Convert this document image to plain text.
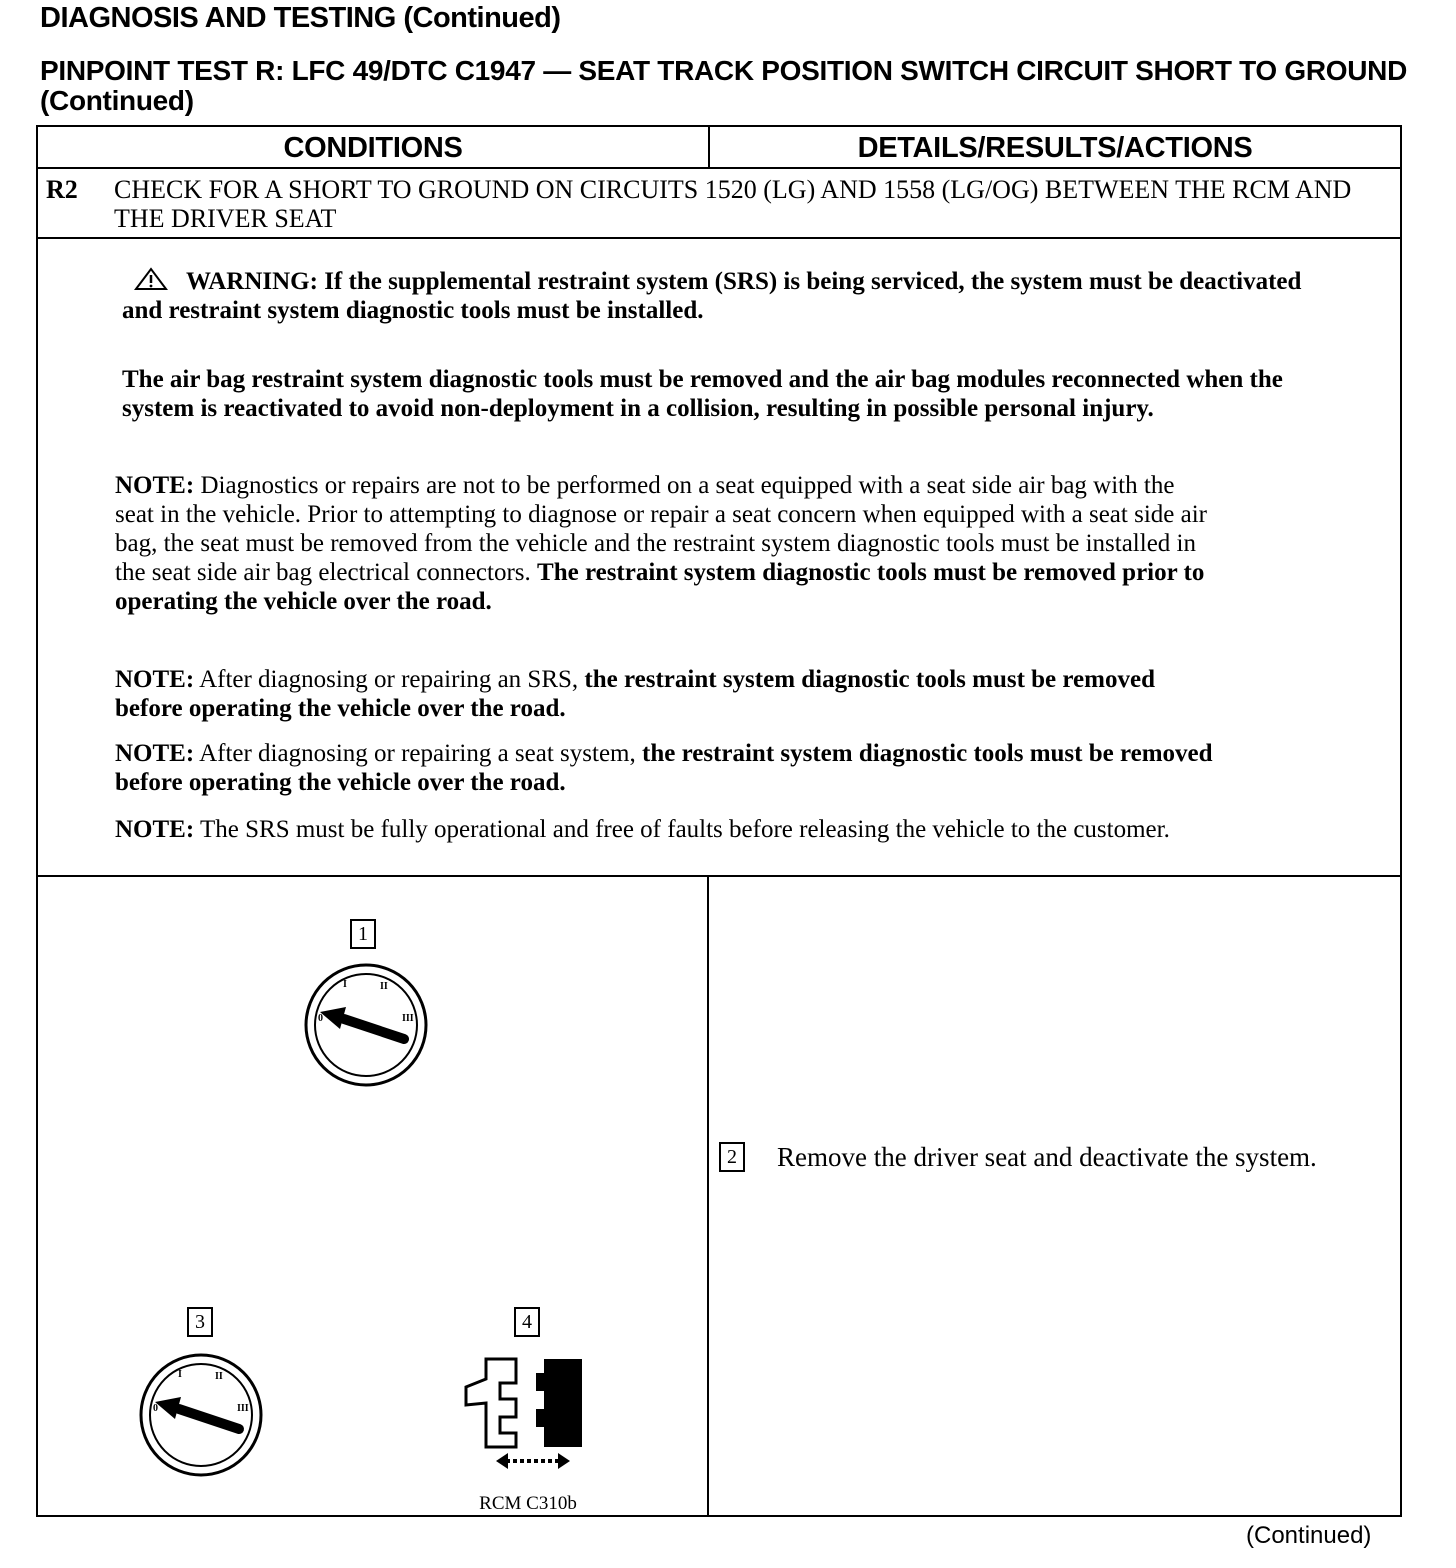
DIAGNOSIS AND TESTING (Continued)
PINPOINT TEST R: LFC 49/DTC C1947 — SEAT TRACK POSITION SWITCH CIRCUIT SHORT TO GROUND (Continued)
CONDITIONS	DETAILS/RESULTS/ACTIONS
R2 CHECK FOR A SHORT TO GROUND ON CIRCUITS 1520 (LG) AND 1558 (LG/OG) BETWEEN THE RCM AND THE DRIVER SEAT
WARNING: If the supplemental restraint system (SRS) is being serviced, the system must be deactivated and restraint system diagnostic tools must be installed.
The air bag restraint system diagnostic tools must be removed and the air bag modules reconnected when the system is reactivated to avoid non-deployment in a collision, resulting in possible personal injury.
NOTE: Diagnostics or repairs are not to be performed on a seat equipped with a seat side air bag with the seat in the vehicle. Prior to attempting to diagnose or repair a seat concern when equipped with a seat side air bag, the seat must be removed from the vehicle and the restraint system diagnostic tools must be installed in the seat side air bag electrical connectors. The restraint system diagnostic tools must be removed prior to operating the vehicle over the road.
NOTE: After diagnosing or repairing an SRS, the restraint system diagnostic tools must be removed before operating the vehicle over the road.
NOTE: After diagnosing or repairing a seat system, the restraint system diagnostic tools must be removed before operating the vehicle over the road.
NOTE: The SRS must be fully operational and free of faults before releasing the vehicle to the customer.
1
0
I	II
III
3
0
I	II
III
4
RCM C310b
2 Remove the driver seat and deactivate the system.
(Continued)
